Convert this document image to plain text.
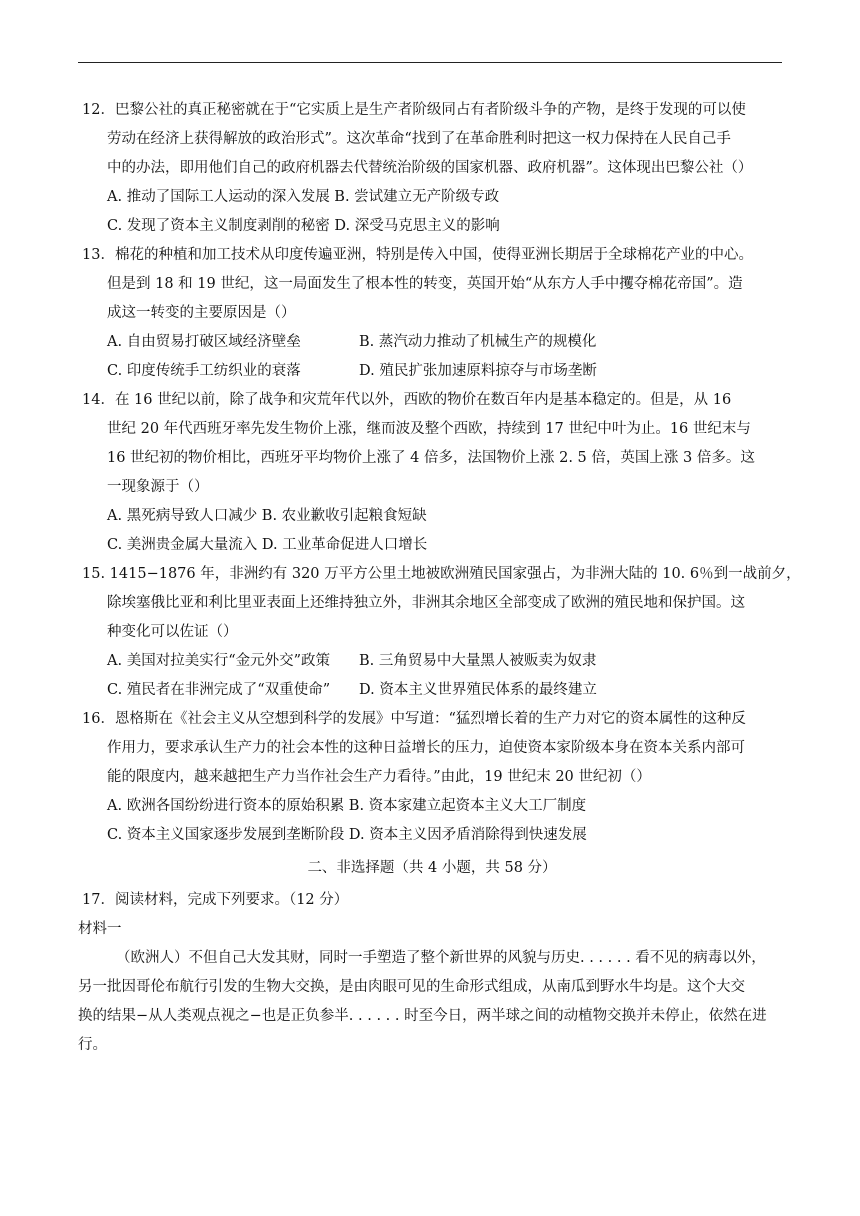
12．巴黎公社的真正秘密就在于“它实质上是生产者阶级同占有者阶级斗争的产物，是终于发现的可以使
劳动在经济上获得解放的政治形式”。这次革命“找到了在革命胜利时把这一权力保持在人民自己手
中的办法，即用他们自己的政府机器去代替统治阶级的国家机器、政府机器”。这体现出巴黎公社（）
A. 推动了国际工人运动的深入发展 B. 尝试建立无产阶级专政
C. 发现了资本主义制度剥削的秘密 D. 深受马克思主义的影响
13．棉花的种植和加工技术从印度传遍亚洲，特别是传入中国，使得亚洲长期居于全球棉花产业的中心。
但是到 18 和 19 世纪，这一局面发生了根本性的转变，英国开始“从东方人手中攫夺棉花帝国”。造
成这一转变的主要原因是（）
A. 自由贸易打破区域经济壁垒	B. 蒸汽动力推动了机械生产的规模化
C. 印度传统手工纺织业的衰落	D. 殖民扩张加速原料掠夺与市场垄断
14．在 16 世纪以前，除了战争和灾荒年代以外，西欧的物价在数百年内是基本稳定的。但是，从 16
世纪 20 年代西班牙率先发生物价上涨，继而波及整个西欧，持续到 17 世纪中叶为止。16 世纪末与
16 世纪初的物价相比，西班牙平均物价上涨了 4 倍多，法国物价上涨 2. 5 倍，英国上涨 3 倍多。这
一现象源于（）
A. 黑死病导致人口减少 B. 农业歉收引起粮食短缺
C. 美洲贵金属大量流入 D. 工业革命促进人口增长
15. 1415−1876 年，非洲约有 320 万平方公里土地被欧洲殖民国家强占，为非洲大陆的 10. 6％到一战前夕，
除埃塞俄比亚和利比里亚表面上还维持独立外，非洲其余地区全部变成了欧洲的殖民地和保护国。这
种变化可以佐证（）
A. 美国对拉美实行“金元外交”政策 B. 三角贸易中大量黑人被贩卖为奴隶
C. 殖民者在非洲完成了“双重使命” D. 资本主义世界殖民体系的最终建立
16．恩格斯在《社会主义从空想到科学的发展》中写道：“猛烈增长着的生产力对它的资本属性的这种反
作用力，要求承认生产力的社会本性的这种日益增长的压力，迫使资本家阶级本身在资本关系内部可
能的限度内，越来越把生产力当作社会生产力看待。”由此，19 世纪末 20 世纪初（）
A. 欧洲各国纷纷进行资本的原始积累 B. 资本家建立起资本主义大工厂制度
C. 资本主义国家逐步发展到垄断阶段 D. 资本主义因矛盾消除得到快速发展
二、非选择题（共 4 小题，共 58 分）
17．阅读材料，完成下列要求。（12 分）
材料一
（欧洲人）不但自己大发其财，同时一手塑造了整个新世界的风貌与历史. . . . . . 看不见的病毒以外，
另一批因哥伦布航行引发的生物大交换，是由肉眼可见的生命形式组成，从南瓜到野水牛均是。这个大交
换的结果−从人类观点视之−也是正负参半. . . . . . 时至今日，两半球之间的动植物交换并未停止，依然在进
行。
